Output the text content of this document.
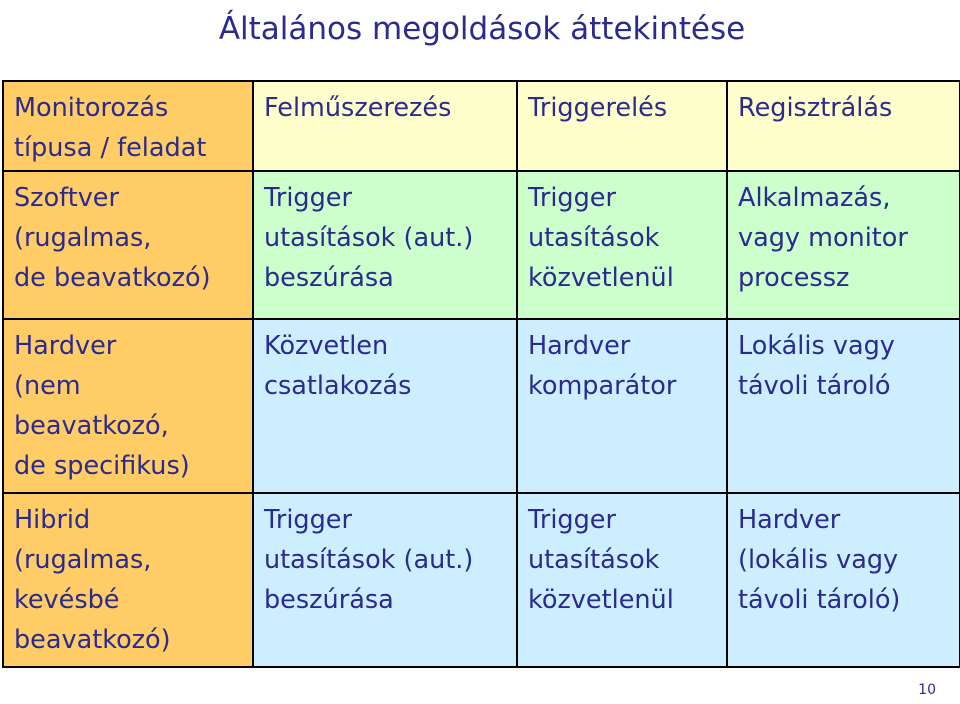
Általános megoldások áttekintése
Monitorozás
típusa / feladat	Felműszerezés	Triggerelés	Regisztrálás

Szoftver
(rugalmas,
de beavatkozó)	Trigger
utasítások (aut.)
beszúrása	Trigger
utasítások
közvetlenül	Alkalmazás,
vagy monitor
processz

Hardver
(nem
beavatkozó,
de specifikus)	Közvetlen
csatlakozás	Hardver
komparátor	Lokális vagy
távoli tároló

Hibrid
(rugalmas,
kevésbé
beavatkozó)	Trigger
utasítások (aut.)
beszúrása	Trigger
utasítások
közvetlenül	Hardver
(lokális vagy
távoli tároló)
10
